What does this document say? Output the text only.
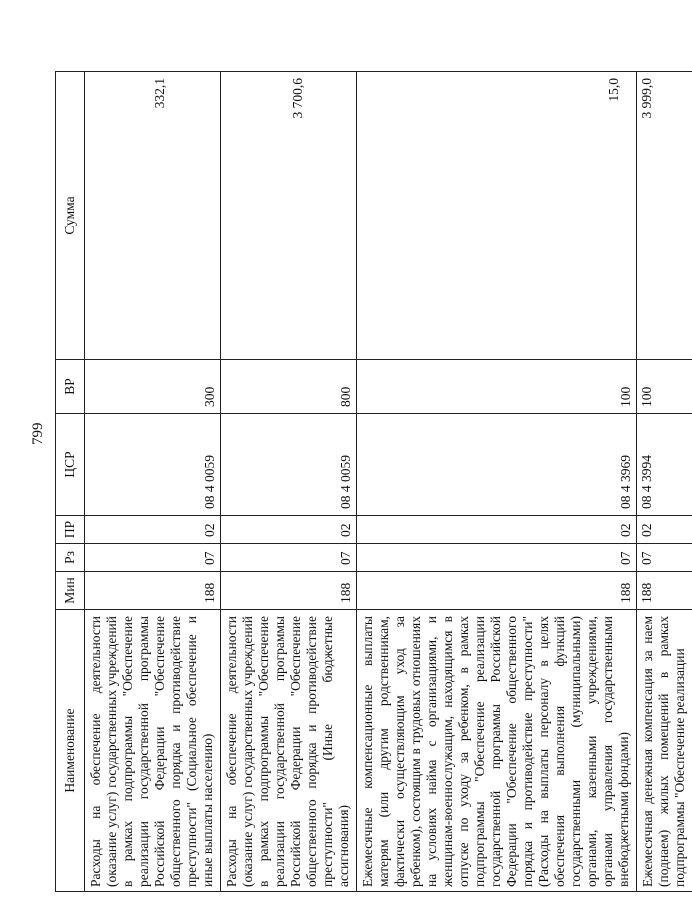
799
Наименование	Мин	Рз	ПР	ЦСР	ВР	Сумма
Расходы на обеспечение деятельности (оказание услуг) государственных учреждений в рамках подпрограммы "Обеспечение реализации государственной программы Российской Федерации "Обеспечение общественного порядка и противодействие преступности" (Социальное обеспечение и иные выплаты населению)	188	07	02	08 4 0059	300	332,1
Расходы на обеспечение деятельности (оказание услуг) государственных учреждений в рамках подпрограммы "Обеспечение реализации государственной программы Российской Федерации "Обеспечение общественного порядка и противодействие преступности" (Иные бюджетные ассигнования)	188	07	02	08 4 0059	800	3 700,6
Ежемесячные компенсационные выплаты матерям (или другим родственникам, фактически осуществляющим уход за ребенком), состоящим в трудовых отношениях на условиях найма с организациями, и женщинам-военнослужащим, находящимся в отпуске по уходу за ребенком, в рамках подпрограммы "Обеспечение реализации государственной программы Российской Федерации "Обеспечение общественного порядка и противодействие преступности" (Расходы на выплаты персоналу в целях обеспечения выполнения функций государственными (муниципальными) органами, казенными учреждениями, органами управления государственными внебюджетными фондами)	188	07	02	08 4 3969	100	15,0
Ежемесячная денежная компенсация за наем (поднаем) жилых помещений в рамках подпрограммы "Обеспечение реализации	188	07	02	08 4 3994	100	3 999,0
